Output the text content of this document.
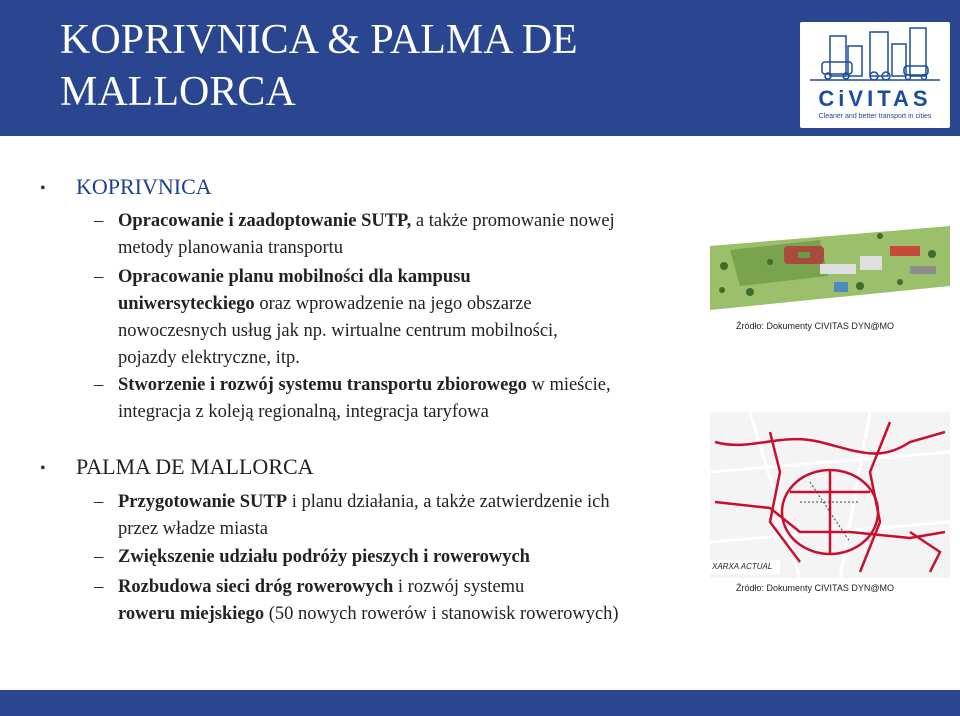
KOPRIVNICA & PALMA DE MALLORCA	CiVITAS
Cleaner and better transport in cities
• KOPRIVNICA
– Opracowanie i zaadoptowanie SUTP, a także promowanie nowej metody planowania transportu
– Opracowanie planu mobilności dla kampusu uniwersyteckiego oraz wprowadzenie na jego obszarze nowoczesnych usług jak np. wirtualne centrum mobilności, pojazdy elektryczne, itp.
– Stworzenie i rozwój systemu transportu zbiorowego w mieście, integracja z koleją regionalną, integracja taryfowa
• PALMA DE MALLORCA
– Przygotowanie SUTP i planu działania, a także zatwierdzenie ich przez władze miasta
– Zwiększenie udziału podróży pieszych i rowerowych
– Rozbudowa sieci dróg rowerowych i rozwój systemu
roweru miejskiego (50 nowych rowerów i stanowisk rowerowych)
Źródło: Dokumenty CIVITAS DYN@MO
XARXA ACTUAL
Źródło: Dokumenty CIVITAS DYN@MO
